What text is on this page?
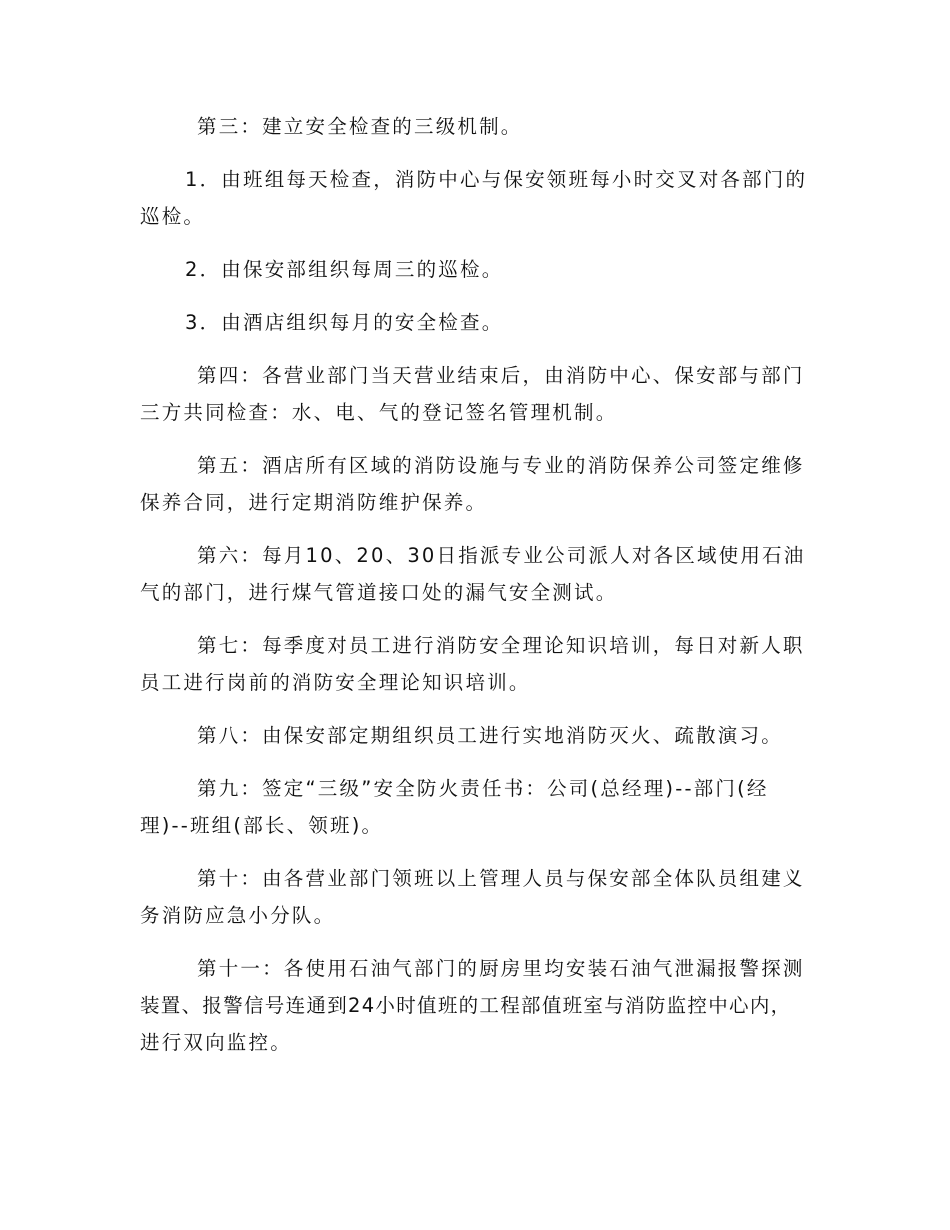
第三：建立安全检查的三级机制。
1．由班组每天检查，消防中心与保安领班每小时交叉对各部门的
巡检。
2．由保安部组织每周三的巡检。
3．由酒店组织每月的安全检查。
第四：各营业部门当天营业结束后，由消防中心、保安部与部门
三方共同检查：水、电、气的登记签名管理机制。
第五：酒店所有区域的消防设施与专业的消防保养公司签定维修
保养合同，进行定期消防维护保养。
第六：每月10、20、30日指派专业公司派人对各区域使用石油
气的部门，进行煤气管道接口处的漏气安全测试。
第七：每季度对员工进行消防安全理论知识培训，每日对新人职
员工进行岗前的消防安全理论知识培训。
第八：由保安部定期组织员工进行实地消防灭火、疏散演习。
第九：签定“三级”安全防火责任书：公司(总经理)--部门(经
理)--班组(部长、领班)。
第十：由各营业部门领班以上管理人员与保安部全体队员组建义
务消防应急小分队。
第十一：各使用石油气部门的厨房里均安装石油气泄漏报警探测
装置、报警信号连通到24小时值班的工程部值班室与消防监控中心内，
进行双向监控。
